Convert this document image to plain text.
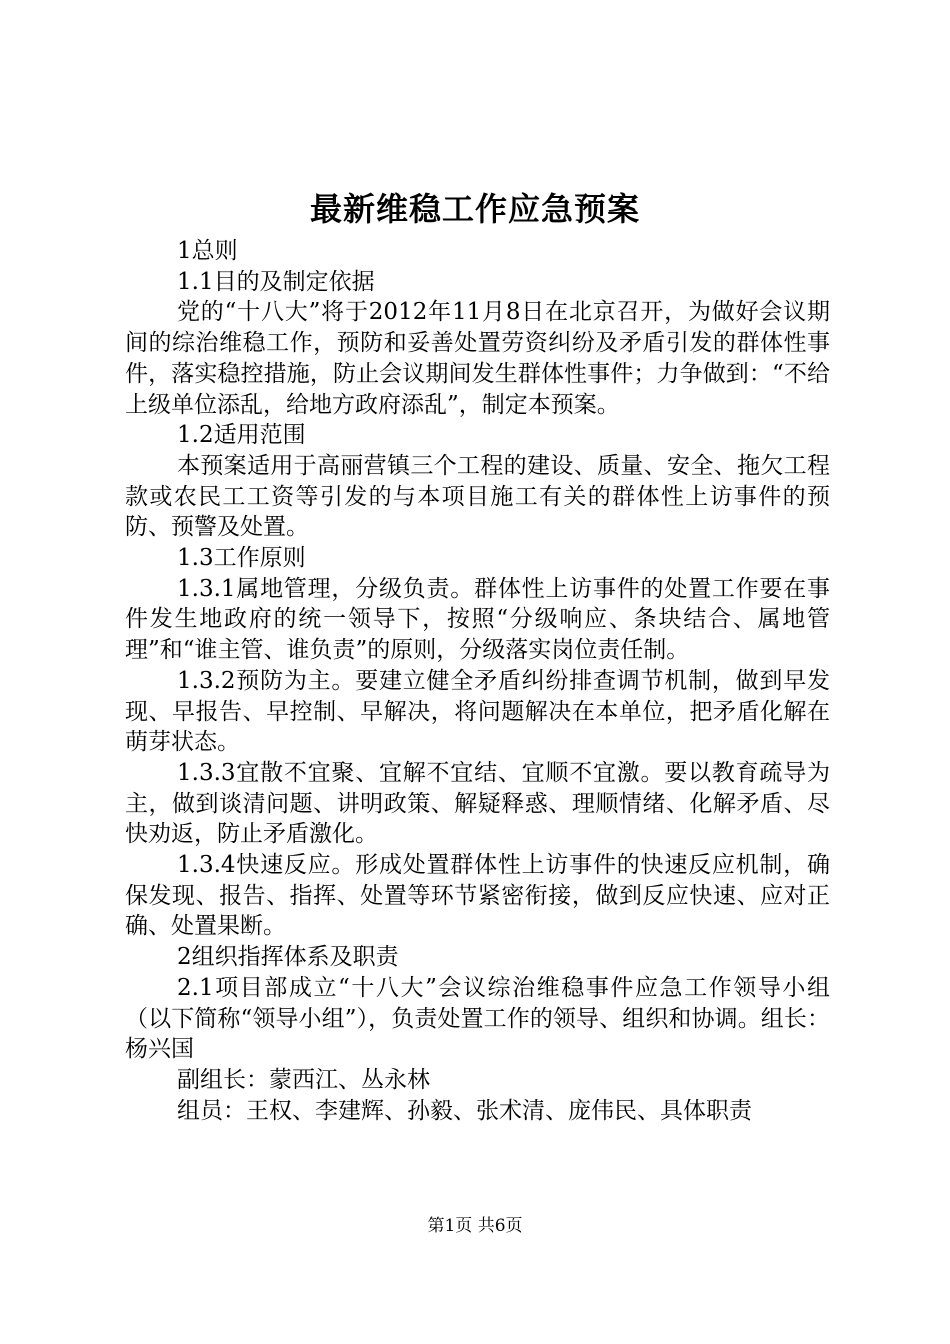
最新维稳工作应急预案

1总则

1.1目的及制定依据

党的“十八大”将于2012年11月8日在北京召开，为做好会议期间的综治维稳工作，预防和妥善处置劳资纠纷及矛盾引发的群体性事件，落实稳控措施，防止会议期间发生群体性事件；力争做到：“不给上级单位添乱，给地方政府添乱”，制定本预案。

1.2适用范围

本预案适用于高丽营镇三个工程的建设、质量、安全、拖欠工程款或农民工工资等引发的与本项目施工有关的群体性上访事件的预防、预警及处置。

1.3工作原则

1.3.1属地管理，分级负责。群体性上访事件的处置工作要在事件发生地政府的统一领导下，按照“分级响应、条块结合、属地管理”和“谁主管、谁负责”的原则，分级落实岗位责任制。

1.3.2预防为主。要建立健全矛盾纠纷排查调节机制，做到早发现、早报告、早控制、早解决，将问题解决在本单位，把矛盾化解在萌芽状态。

1.3.3宜散不宜聚、宜解不宜结、宜顺不宜激。要以教育疏导为主，做到谈清问题、讲明政策、解疑释惑、理顺情绪、化解矛盾、尽快劝返，防止矛盾激化。

1.3.4快速反应。形成处置群体性上访事件的快速反应机制，确保发现、报告、指挥、处置等环节紧密衔接，做到反应快速、应对正确、处置果断。

2组织指挥体系及职责

2.1项目部成立“十八大”会议综治维稳事件应急工作领导小组（以下简称“领导小组”），负责处置工作的领导、组织和协调。组长：杨兴国

副组长：蒙西江、丛永林

组员：王权、李建辉、孙毅、张术清、庞伟民、具体职责

第1页 共6页
